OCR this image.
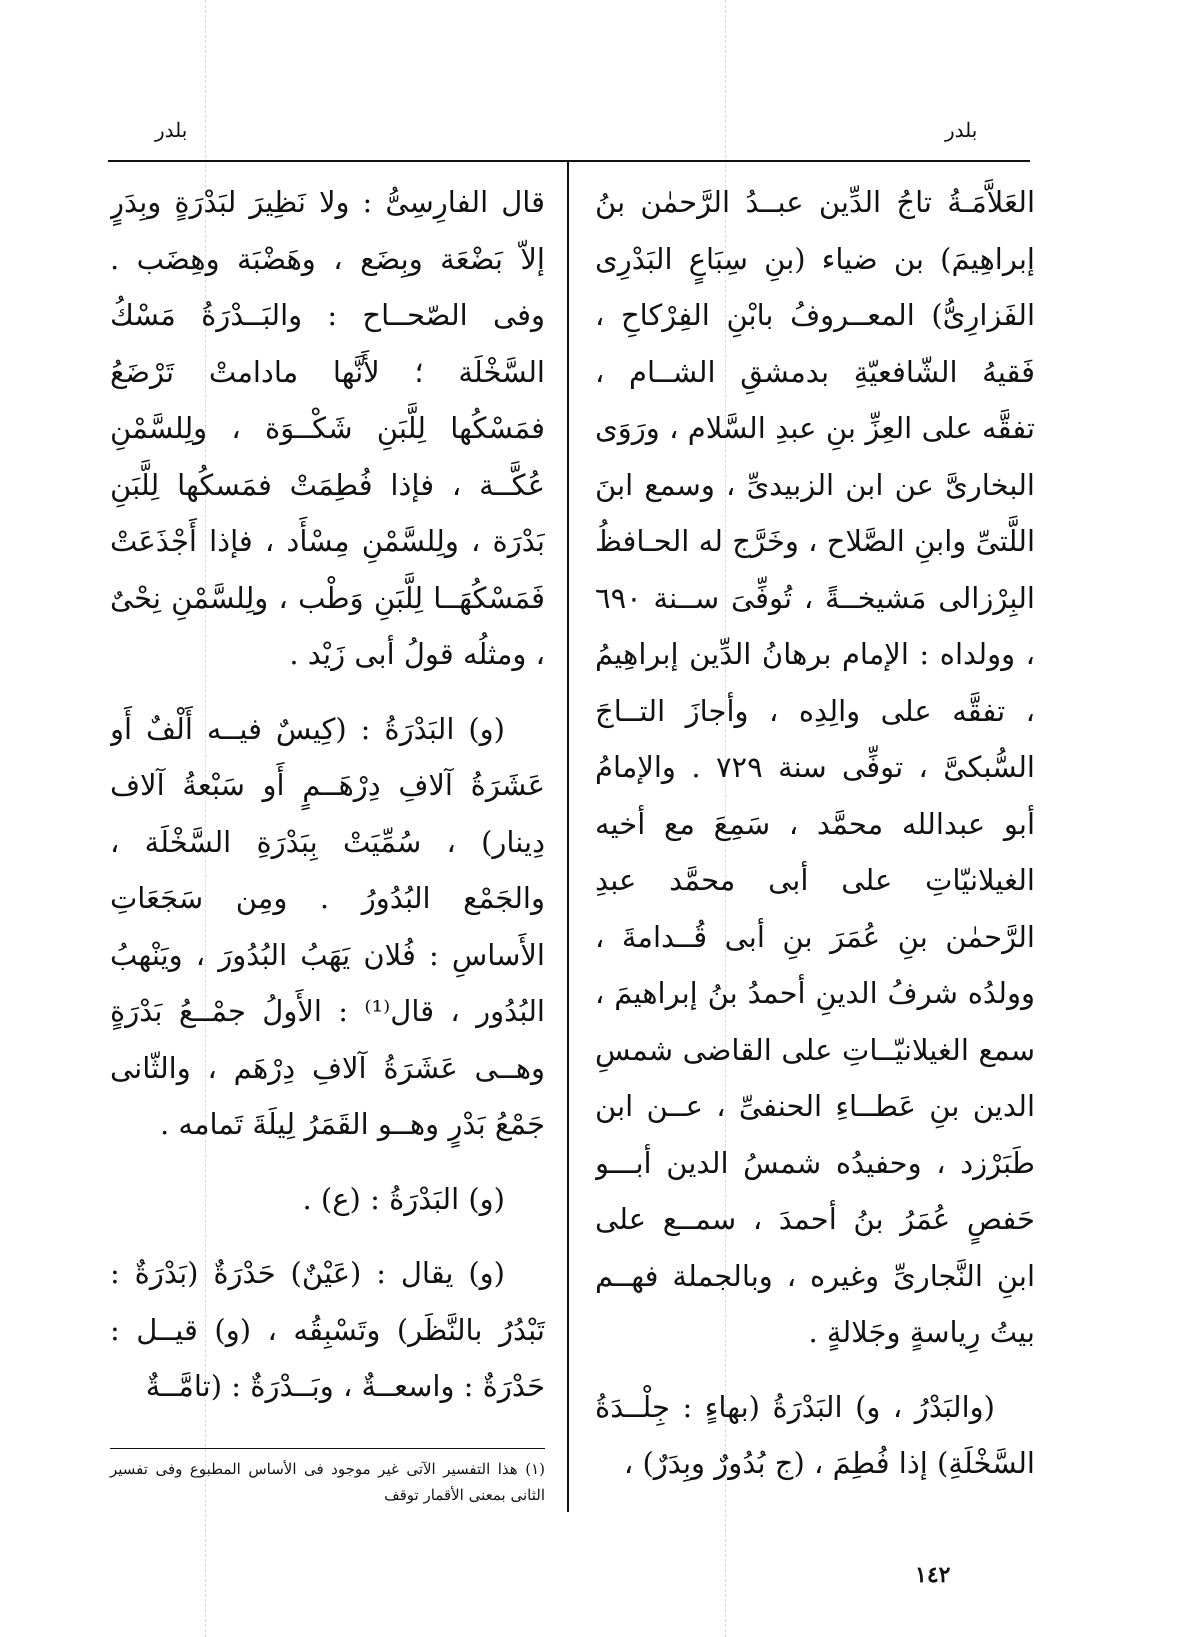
بلدر
بلدر

العَلاَّمَـةُ تاجُ الدِّين عبــدُ الرَّحمٰن بنُ إبراهِيمَ) بن ضياء (بنِ سِبَاعٍ البَدْرِى الفَزارِىُّ) المعــروفُ بابْنِ الفِرْكاحِ ، فَقيهُ الشّافعيّةِ بدمشقِ الشــام ، تفقَّه على العِزِّ بنِ عبدِ السَّلام ، ورَوَى البخارىَّ عن ابن الزبيدىِّ ، وسمع ابنَ اللَّتىِّ وابنِ الصَّلاح ، وخَرَّج له الحـافظُ البِرْزالى مَشيخــةً ، تُوفِّىَ ســنة ٦٩٠ ، وولداه : الإمام برهانُ الدِّين إبراهِيمُ ، تفقَّه على والِدِه ، وأجازَ التــاجَ السُّبكىَّ ، توفِّى سنة ٧٢٩ . والإمامُ أبو عبدالله محمَّد ، سَمِعَ مع أخيه الغيلانيّاتِ على أبى محمَّد عبدِ الرَّحمٰن بنِ عُمَرَ بنِ أبى قُــدامةَ ، وولدُه شرفُ الدينِ أحمدُ بنُ إبراهيمَ ، سمع الغيلانيّــاتِ على القاضى شمسِ الدين بنِ عَطــاءِ الحنفىِّ ، عــن ابن طَبَرْزد ، وحفيدُه شمسُ الدين أبـــو حَفصٍ عُمَرُ بنُ أحمدَ ، سمــع على ابنِ النَّجارىِّ وغيره ، وبالجملة فهــم بيتُ رِياسةٍ وجَلالةٍ .

(والبَدْرُ ، و) البَدْرَةُ (بهاءٍ : جِلْــدَةُ السَّخْلَةِ) إذا فُطِمَ ، (ج بُدُورٌ وبِدَرٌ) ،

قال الفارِسِىُّ : ولا نَظِيرَ لبَدْرَةٍ وبِدَرٍ إلاّ بَضْعَة وبِضَع ، وهَضْبَة وهِضَب . وفى الصّحــاح : والبَــدْرَةُ مَسْكُ السَّخْلَة ؛ لأَنَّها مادامتْ تَرْضَعُ فمَسْكُها لِلَّبَنِ شَكْــوَة ، ولِلسَّمْنِ عُكَّــة ، فإذا فُطِمَتْ فمَسكُها لِلَّبَنِ بَدْرَة ، ولِلسَّمْنِ مِسْأَد ، فإذا أَجْذَعَتْ فَمَسْكُهَــا لِلَّبَنِ وَطْب ، ولِلسَّمْنِ نِحْىٌ ، ومثلُه قولُ أبى زَيْد .

(و) البَدْرَةُ : (كِيسٌ فيــه أَلْفٌ أَو عَشَرَةُ آلافِ دِرْهَــمٍ أَو سَبْعةُ آلاف دِينار) ، سُمِّيَتْ بِبَدْرَةِ السَّخْلَة ، والجَمْع البُدُورُ . ومِن سَجَعَاتِ الأَساسِ : فُلان يَهَبُ البُدُورَ ، ويَنْهبُ البُدُور ، قال⁽¹⁾ : الأَولُ جمْــعُ بَدْرَةٍ وهــى عَشَرَةُ آلافِ دِرْهَم ، والثّانى جَمْعُ بَدْرٍ وهــو القَمَرُ لِيلَةَ تَمامه .

(و) البَدْرَةُ : (ع) .

(و) يقال : (عَيْنٌ) حَدْرَةٌ (بَدْرَةٌ : تَبْدُرُ بالنَّظَر) وتَسْبِقُه ، (و) قيــل : حَدْرَةٌ : واسعــةٌ ، وبَــدْرَةٌ : (تامَّــةٌ

(١) هذا التفسير الآتى غير موجود فى الأساس المطبوع وفى تفسير الثانى بمعنى الأقمار توقف
١٤٢
